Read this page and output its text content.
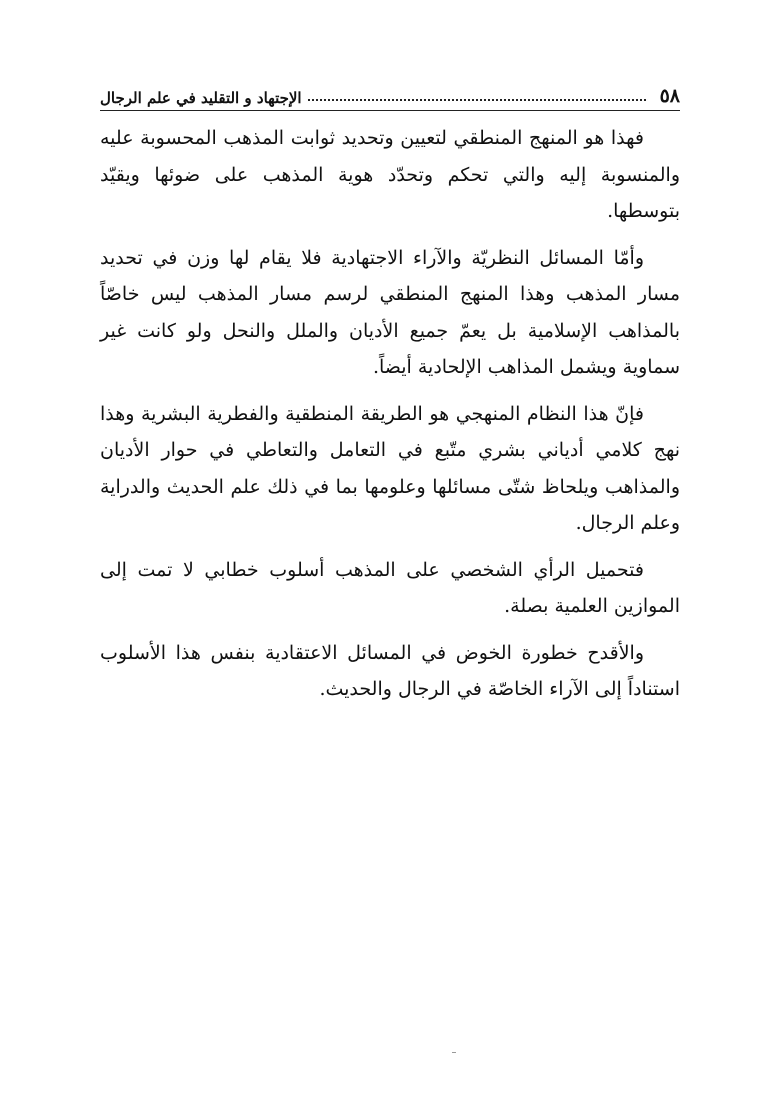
٥٨
الإجتهاد و التقليد في علم الرجال

فهذا هو المنهج المنطقي لتعيين وتحديد ثوابت المذهب المحسوبة عليه والمنسوبة إليه والتي تحكم وتحدّد هوية المذهب على ضوئها ويقيّد بتوسطها.

وأمّا المسائل النظريّة والآراء الاجتهادية فلا يقام لها وزن في تحديد مسار المذهب وهذا المنهج المنطقي لرسم مسار المذهب ليس خاصّاً بالمذاهب الإسلامية بل يعمّ جميع الأديان والملل والنحل ولو كانت غير سماوية ويشمل المذاهب الإلحادية أيضاً.

فإنّ هذا النظام المنهجي هو الطريقة المنطقية والفطرية البشرية وهذا نهج كلامي أدياني بشري متّبع في التعامل والتعاطي في حوار الأديان والمذاهب ويلحاظ شتّى مسائلها وعلومها بما في ذلك علم الحديث والدراية وعلم الرجال.

فتحميل الرأي الشخصي على المذهب أسلوب خطابي لا تمت إلى الموازين العلمية بصلة.

والأقدح خطورة الخوض في المسائل الاعتقادية بنفس هذا الأسلوب استناداً إلى الآراء الخاصّة في الرجال والحديث.
